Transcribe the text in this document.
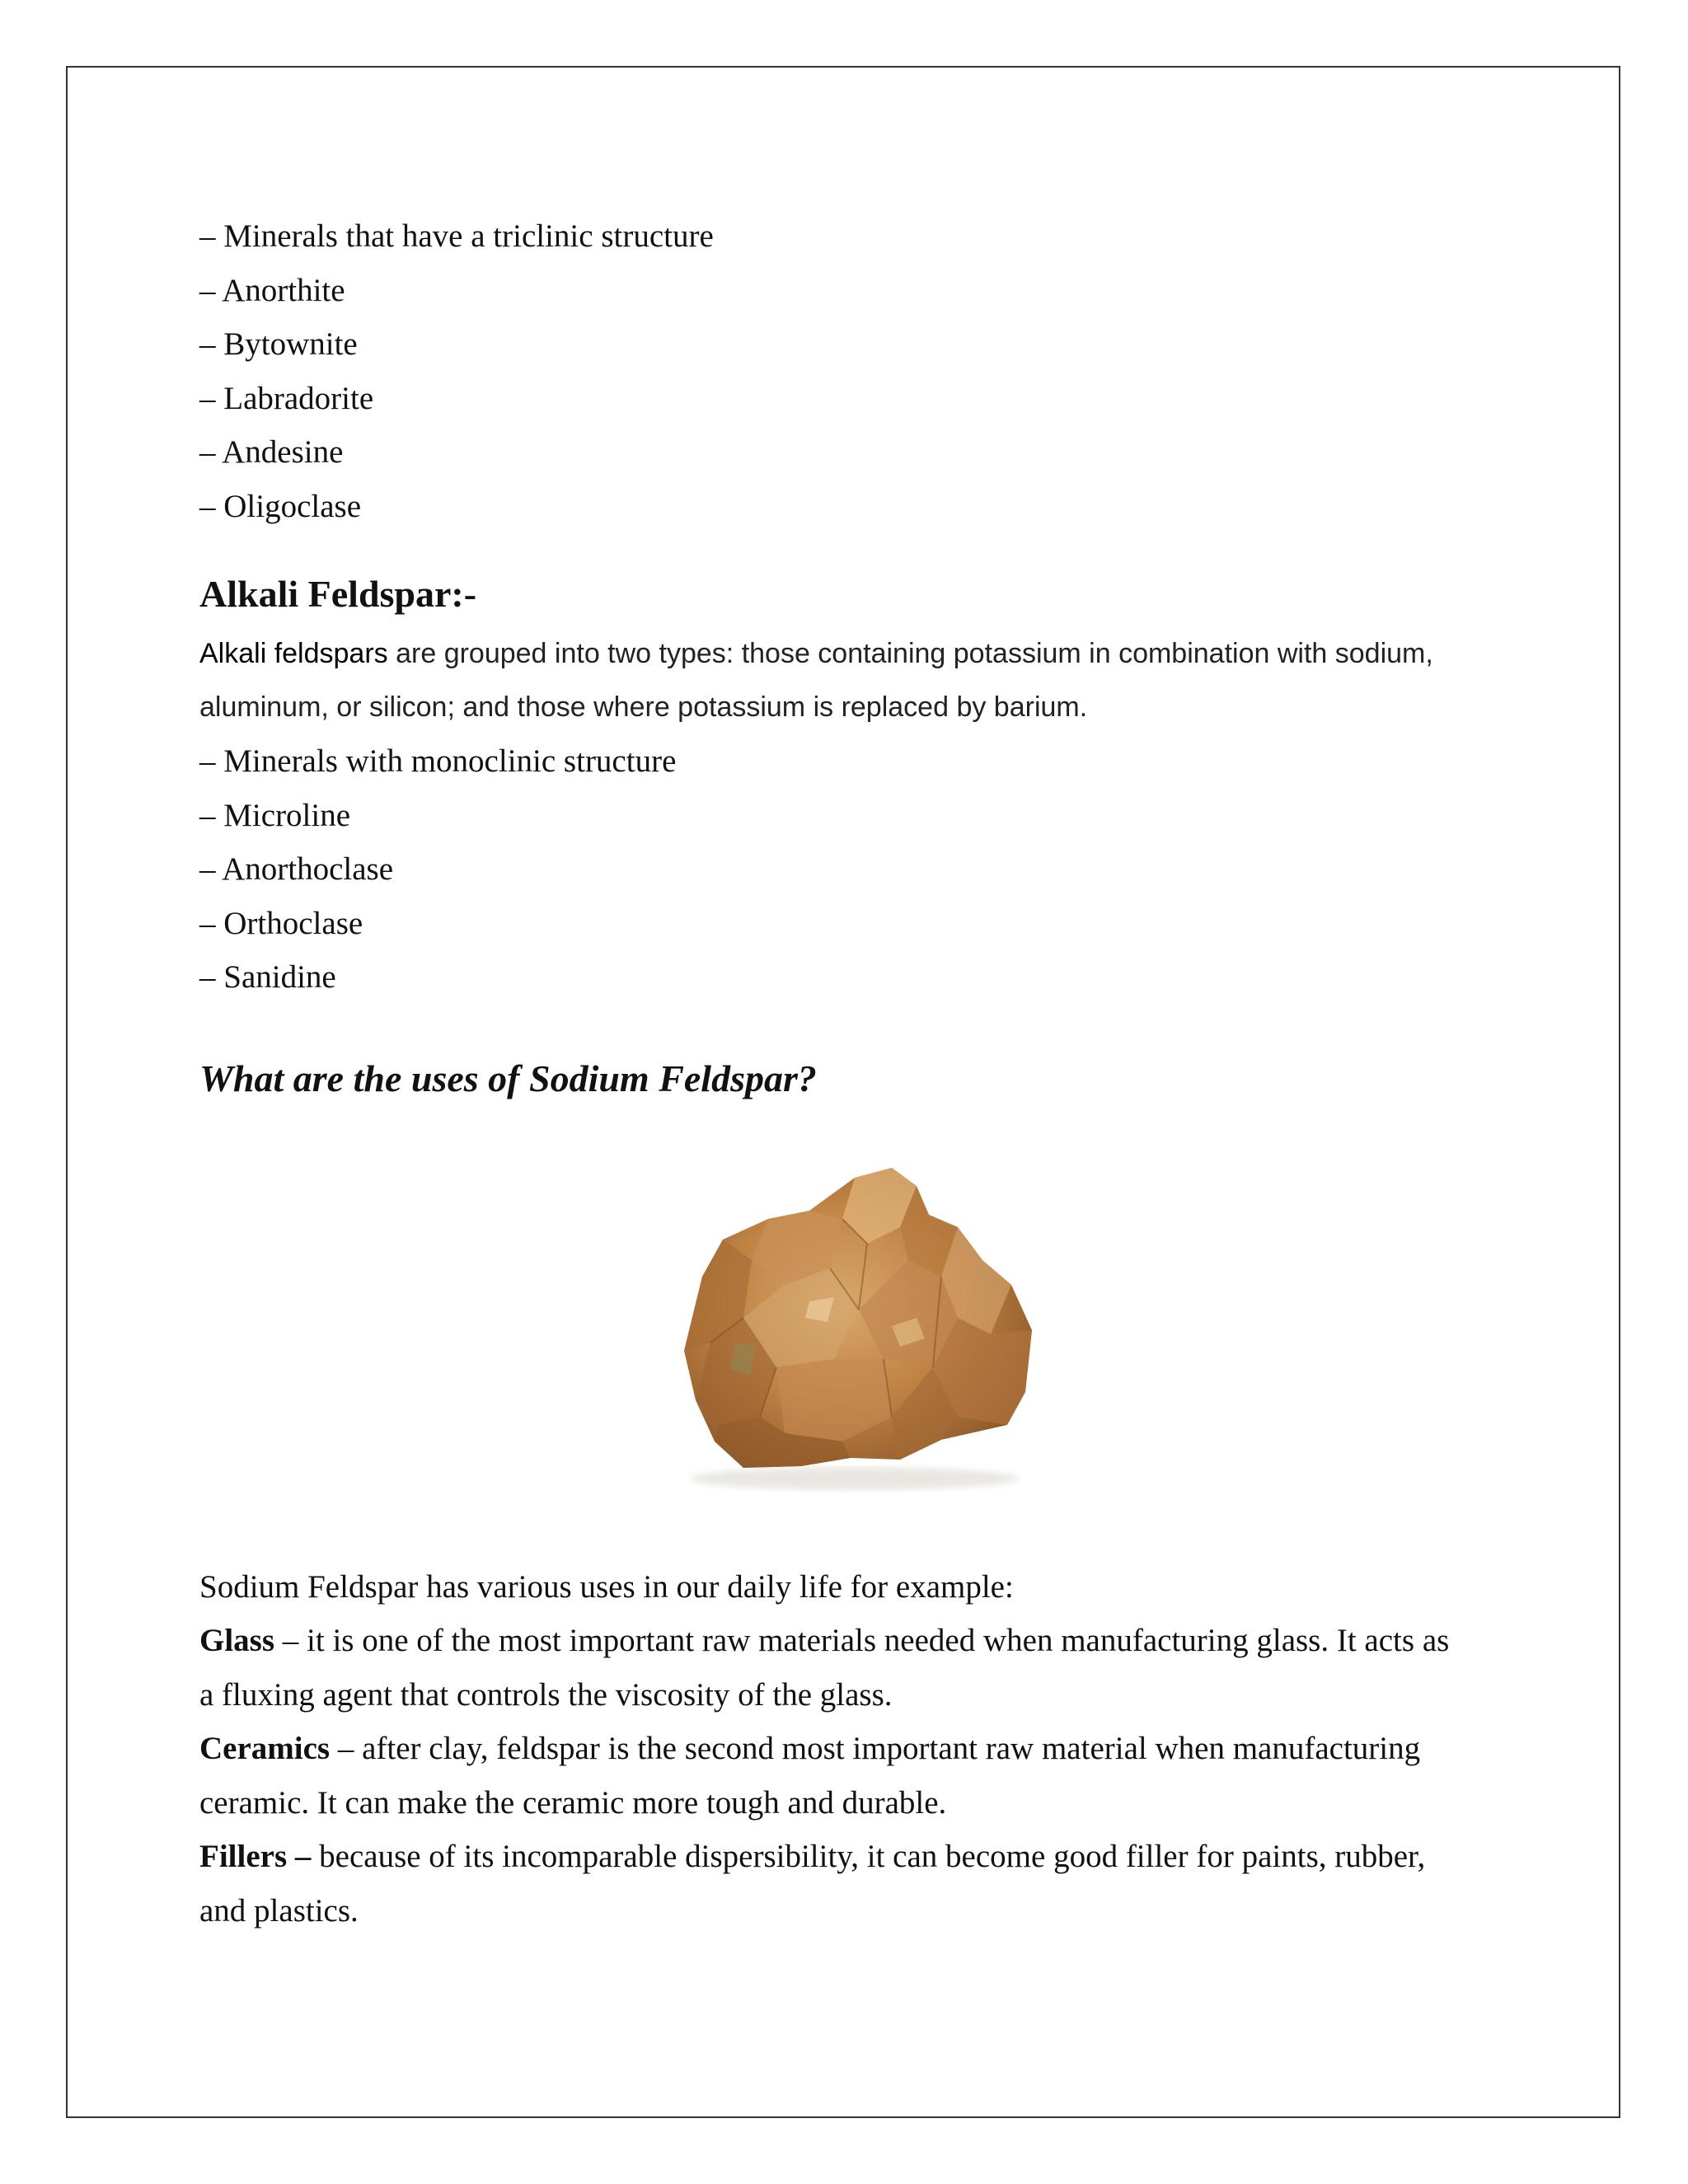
– Minerals that have a triclinic structure

– Anorthite

– Bytownite

– Labradorite

– Andesine

– Oligoclase

Alkali Feldspar:-

Alkali feldspars are grouped into two types: those containing potassium in combination with sodium,
aluminum, or silicon; and those where potassium is replaced by barium.

– Minerals with monoclinic structure

– Microline

– Anorthoclase

– Orthoclase

– Sanidine

What are the uses of Sodium Feldspar?

Sodium Feldspar has various uses in our daily life for example:

Glass – it is one of the most important raw materials needed when manufacturing glass. It acts as
a fluxing agent that controls the viscosity of the glass.

Ceramics – after clay, feldspar is the second most important raw material when manufacturing
ceramic. It can make the ceramic more tough and durable.

Fillers – because of its incomparable dispersibility, it can become good filler for paints, rubber,
and plastics.
